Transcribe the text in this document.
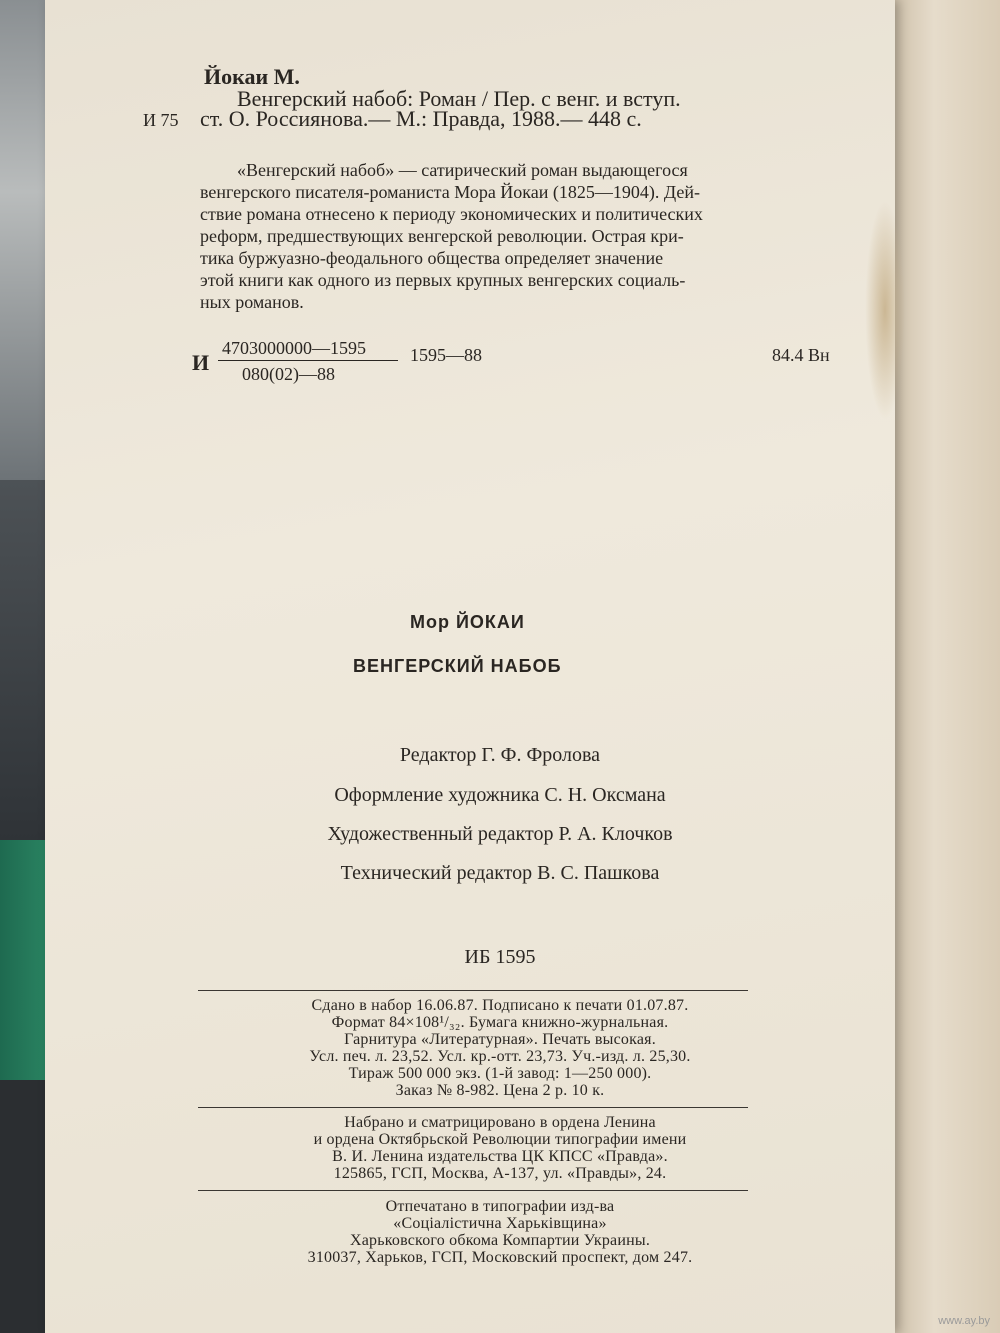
Йокаи М.
И 75
Венгерский набоб: Роман / Пер. с венг. и вступ.
ст. О. Россиянова.— М.: Правда, 1988.— 448 с.
«Венгерский набоб» — сатирический роман выдающегося
венгерского писателя-романиста Мора Йокаи (1825—1904). Дей-
ствие романа отнесено к периоду экономических и политических
реформ, предшествующих венгерской революции. Острая кри-
тика буржуазно-феодального общества определяет значение
этой книги как одного из первых крупных венгерских социаль-
ных романов.
И
4703000000—1595
080(02)—88
1595—88	84.4 Вн
Мор ЙОКАИ
ВЕНГЕРСКИЙ НАБОБ
Редактор Г. Ф. Фролова
Оформление художника С. Н. Оксмана
Художественный редактор Р. А. Клочков
Технический редактор В. С. Пашкова
ИБ 1595
Сдано в набор 16.06.87. Подписано к печати 01.07.87.
Формат 84×108¹/₃₂. Бумага книжно-журнальная.
Гарнитура «Литературная». Печать высокая.
Усл. печ. л. 23,52. Усл. кр.-отт. 23,73. Уч.-изд. л. 25,30.
Тираж 500 000 экз. (1-й завод: 1—250 000).
Заказ № 8-982. Цена 2 р. 10 к.
Набрано и сматрицировано в ордена Ленина
и ордена Октябрьской Революции типографии имени
В. И. Ленина издательства ЦК КПСС «Правда».
125865, ГСП, Москва, А-137, ул. «Правды», 24.
Отпечатано в типографии изд-ва
«Соцiалiстична Харькiвщина»
Харьковского обкома Компартии Украины.
310037, Харьков, ГСП, Московский проспект, дом 247.
www.ay.by
